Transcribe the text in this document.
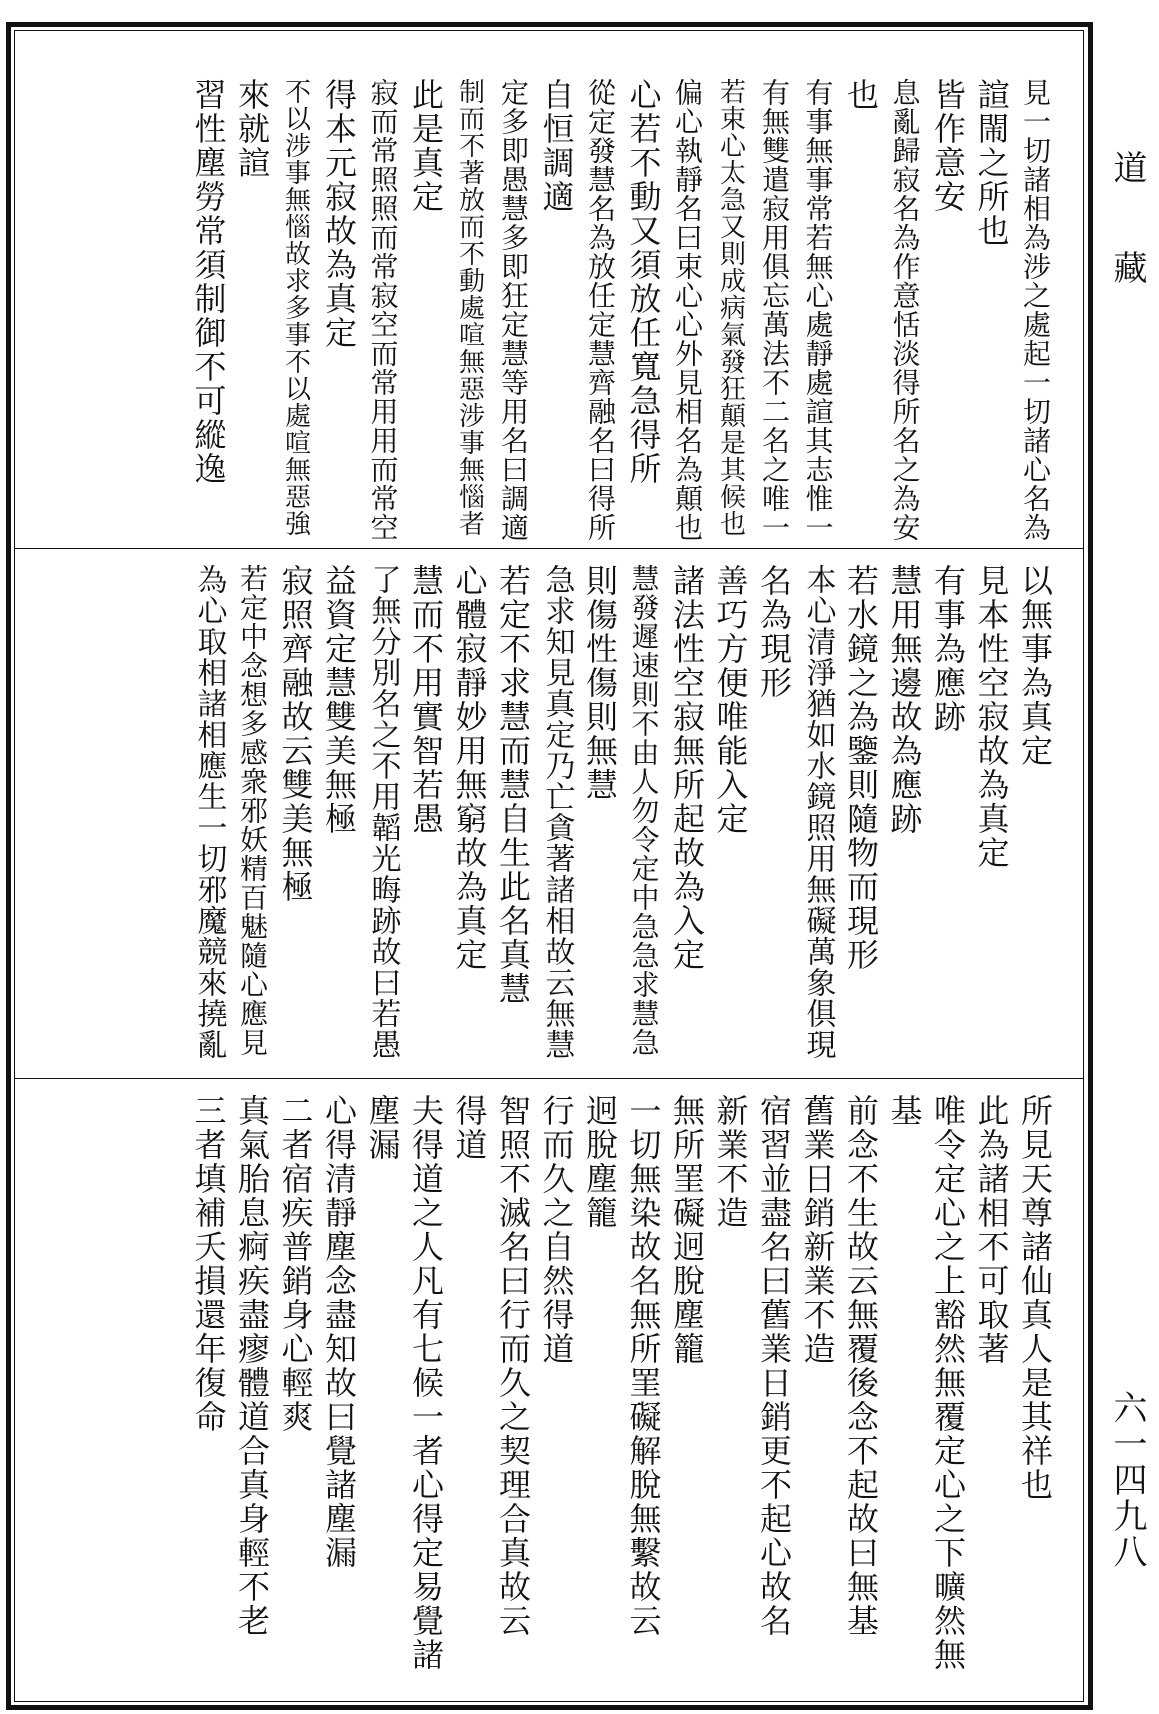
見一切諸相為涉之處起一切諸心名為
諠閙之所也
皆作意安
息亂歸寂名為作意恬淡得所名之為安
也
有事無事常若無心處靜處諠其志惟一
有無雙遣寂用俱忘萬法不二名之唯一
若束心太急又則成病氣發狂顛是其候也
偏心執靜名曰束心心外見相名為顛也
心若不動又須放任寬急得所
從定發慧名為放任定慧齊融名曰得所
自恒調適
定多即愚慧多即狂定慧等用名曰調適
制而不著放而不動處喧無惡涉事無惱者
此是真定
寂而常照照而常寂空而常用用而常空
得本元寂故為真定
不以涉事無惱故求多事不以處喧無惡強
來就諠
習性塵勞常須制御不可縱逸
以無事為真定
見本性空寂故為真定
有事為應跡
慧用無邊故為應跡
若水鏡之為鑒則隨物而現形
本心清淨猶如水鏡照用無礙萬象俱現
名為現形
善巧方便唯能入定
諸法性空寂無所起故為入定
慧發遲速則不由人勿令定中急急求慧急
則傷性傷則無慧
急求知見真定乃亡貪著諸相故云無慧
若定不求慧而慧自生此名真慧
心體寂靜妙用無窮故為真定
慧而不用實智若愚
了無分別名之不用韜光晦跡故曰若愚
益資定慧雙美無極
寂照齊融故云雙美無極
若定中念想多感衆邪妖精百魅隨心應見
為心取相諸相應生一切邪魔競來撓亂
所見天尊諸仙真人是其祥也
此為諸相不可取著
唯令定心之上豁然無覆定心之下曠然無
基
前念不生故云無覆後念不起故曰無基
舊業日銷新業不造
宿習並盡名曰舊業日銷更不起心故名
新業不造
無所罣礙迥脫塵籠
一切無染故名無所罣礙解脫無繫故云
迥脫塵籠
行而久之自然得道
智照不滅名曰行而久之契理合真故云
得道
夫得道之人凡有七候一者心得定易覺諸
塵漏
心得清靜塵念盡知故曰覺諸塵漏
二者宿疾普銷身心輕爽
真氣胎息痾疾盡瘳體道合真身輕不老
三者填補夭損還年復命
道
藏
六一四九八
